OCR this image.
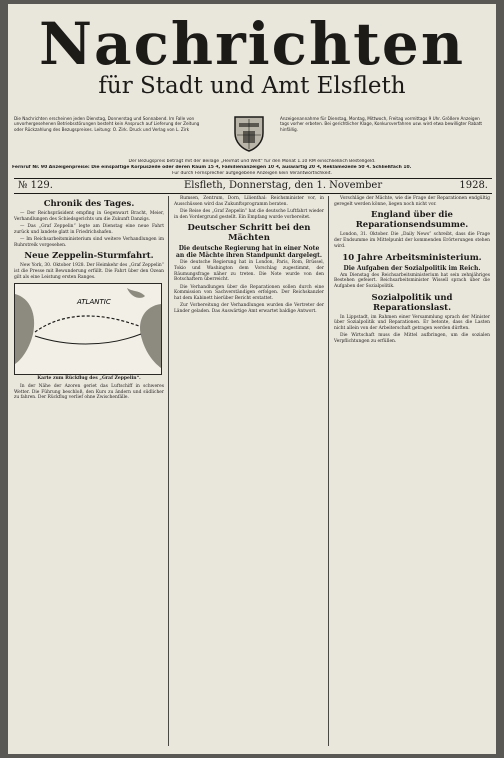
Nachrichten
für Stadt und Amt Elsfleth
Die Nachrichten erscheinen jeden Dienstag, Donnerstag und Sonnabend. Im Falle von unvorhergesehenen Betriebsstörungen besteht kein Anspruch auf Lieferung der Zeitung oder Rückzahlung des Bezugspreises. Leitung: O. Zirk. Druck und Verlag von L. Zirk
Anzeigenannahme für Dienstag, Montag, Mittwoch, Freitag vormittags 9 Uhr. Größere Anzeigen tags vorher erbeten. Bei gerichtlicher Klage, Konkursverfahren usw. wird etwa bewilligter Rabatt hinfällig.
Der Bezugspreis beträgt mit der Beilage „Heimat und Welt“ für den Monat 1.10 RM einschließlich Bestellgeld.
Fernruf Nr. 90 Anzeigenpreise: Die einspaltige Korpuszeile oder deren Raum 15 ₰, Familienanzeigen 10 ₰, auswärtig 20 ₰, Reklamezeile 50 ₰. Schließfach 10.
Für durch Fernsprecher aufgegebene Anzeigen kein Verantwortlichkeit.
№ 129.	Elsfleth, Donnerstag, den 1. November	1928.
Chronik des Tages.

— Der Reichspräsident empfing in Gegenwart Bracht, Meier, Verhandlungen des Schiedsgerichts um die Zukunft Danzigs.

— Das „Graf Zeppelin“ legte am Dienstag eine neue Fahrt zurück und landete glatt in Friedrichshafen.

— Im Reichsarbeitsministerium sind weitere Verhandlungen im Ruhrstreik vorgesehen.

Neue Zeppelin-Sturmfahrt.

New York, 30. Oktober 1928. Der Heimkehr des „Graf Zeppelin“ ist die Presse mit Bewunderung erfüllt. Die Fahrt über den Ozean gilt als eine Leistung ersten Ranges.

ATLANTIC
Karte zum Rückflug des „Graf Zeppelin“.

In der Nähe der Azoren geriet das Luftschiff in schweres Wetter. Die Führung beschloß, den Kurs zu ändern und südlicher zu fahren. Der Rückflug verlief ohne Zwischenfälle.

Rumsen, Zentrum, Dorn, Lilienthal: Reichsminister vor, in Ausschüssen wird das Zukunftsprogramm beraten.

Die Reise des „Graf Zeppelin“ hat die deutsche Luftfahrt wieder in den Vordergrund gestellt. Ein Empfang wurde vorbereitet.

Deutscher Schritt bei den Mächten
Die deutsche Regierung hat in einer Note an die Mächte ihren Standpunkt dargelegt.

Die deutsche Regierung hat in London, Paris, Rom, Brüssel, Tokio und Washington dem Vorschlag zugestimmt, der Räumungsfrage näher zu treten. Die Note wurde von den Botschaftern überreicht.

Die Verhandlungen über die Reparationen sollen durch eine Kommission von Sachverständigen erfolgen. Der Reichskanzler hat dem Kabinett hierüber Bericht erstattet.

Zur Vorbereitung der Verhandlungen wurden die Vertreter der Länder geladen. Das Auswärtige Amt erwartet baldige Antwort.

Vorschläge der Mächte, wie die Frage der Reparationen endgültig geregelt werden könne, liegen noch nicht vor.

England über die Reparationsendsumme.

London, 31. Oktober. Die „Daily News“ schreibt, dass die Frage der Endsumme im Mittelpunkt der kommenden Erörterungen stehen wird.

10 Jahre Arbeitsministerium.
Die Aufgaben der Sozialpolitik im Reich.

Am Dienstag des Reichsarbeitsministerium hat sein zehnjähriges Bestehen gefeiert. Reichsarbeitsminister Wissell sprach über die Aufgaben der Sozialpolitik.

Sozialpolitik und Reparationslast.

In Lippstadt, im Rahmen einer Versammlung sprach der Minister über Sozialpolitik und Reparationen. Er betonte, dass die Lasten nicht allein von der Arbeiterschaft getragen werden dürften.

Die Wirtschaft muss die Mittel aufbringen, um die sozialen Verpflichtungen zu erfüllen.
